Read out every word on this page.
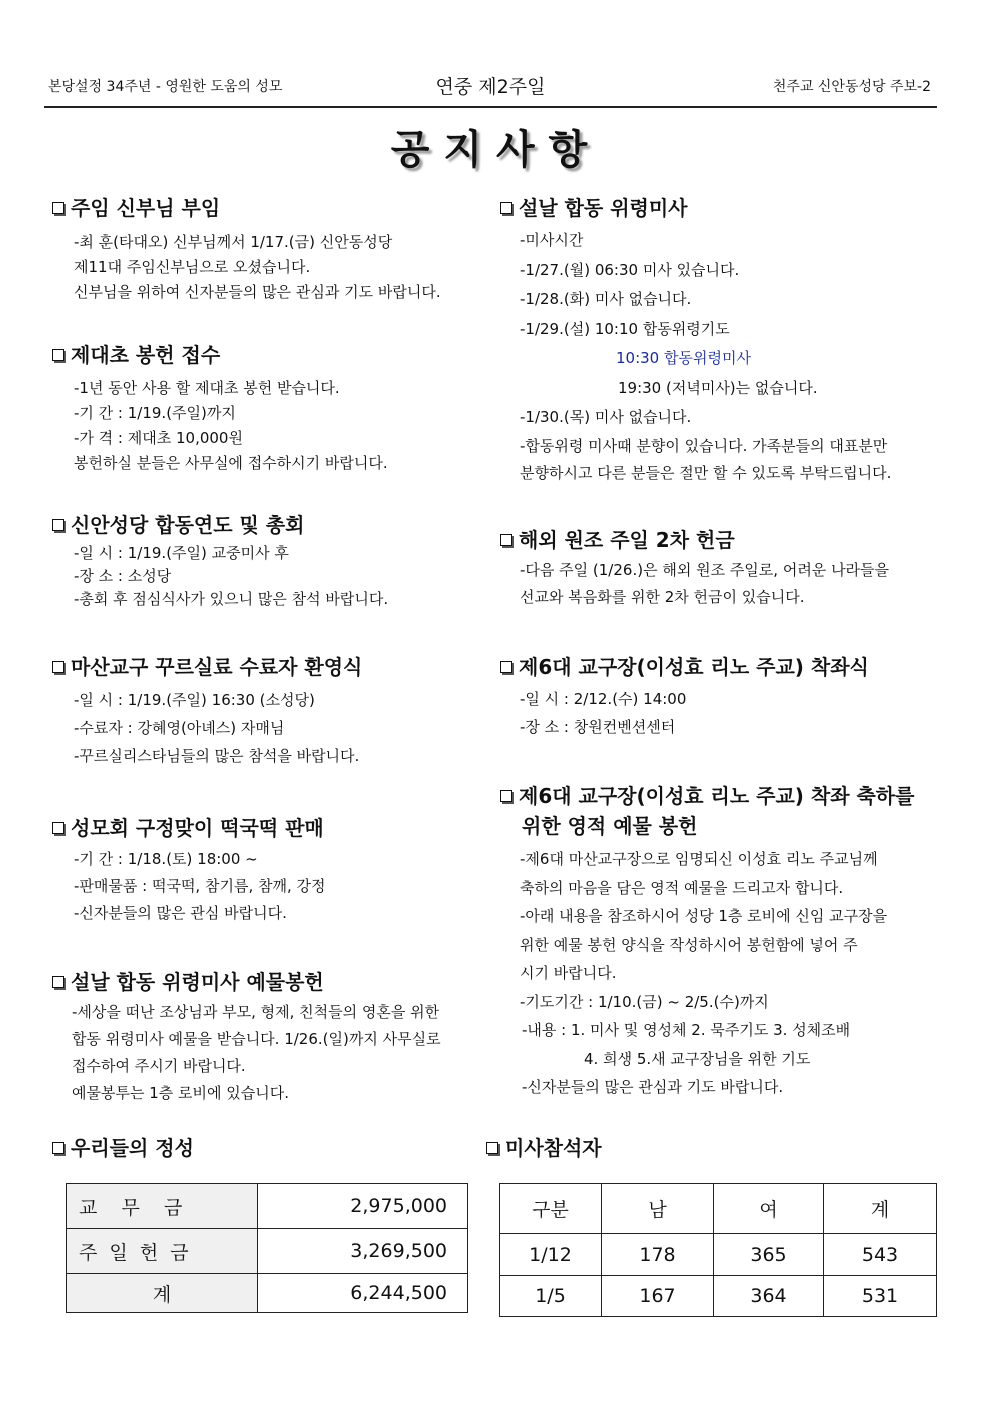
본당설정 34주년 - 영원한 도움의 성모	연중 제2주일	천주교 신안동성당 주보-2
공지사항
주임 신부님 부임
-최 훈(타대오) 신부님께서 1/17.(금) 신안동성당
제11대 주임신부님으로 오셨습니다.
신부님을 위하여 신자분들의 많은 관심과 기도 바랍니다.
제대초 봉헌 접수
-1년 동안 사용 할 제대초 봉헌 받습니다.
-기 간 : 1/19.(주일)까지
-가 격 : 제대초 10,000원
봉헌하실 분들은 사무실에 접수하시기 바랍니다.
신안성당 합동연도 및 총회
-일 시 : 1/19.(주일) 교중미사 후
-장 소 : 소성당
-총회 후 점심식사가 있으니 많은 참석 바랍니다.
마산교구 꾸르실료 수료자 환영식
-일 시 : 1/19.(주일) 16:30 (소성당)
-수료자 : 강혜영(아녜스) 자매님
-꾸르실리스타님들의 많은 참석을 바랍니다.
성모회 구정맞이 떡국떡 판매
-기 간 : 1/18.(토) 18:00 ~
-판매물품 : 떡국떡, 참기름, 참깨, 강정
-신자분들의 많은 관심 바랍니다.
설날 합동 위령미사 예물봉헌
-세상을 떠난 조상님과 부모, 형제, 친척들의 영혼을 위한
합동 위령미사 예물을 받습니다. 1/26.(일)까지 사무실로
접수하여 주시기 바랍니다.
예물봉투는 1층 로비에 있습니다.
설날 합동 위령미사
-미사시간
-1/27.(월) 06:30 미사 있습니다.
-1/28.(화) 미사 없습니다.
-1/29.(설) 10:10 합동위령기도
10:30 합동위령미사
19:30 (저녁미사)는 없습니다.
-1/30.(목) 미사 없습니다.
-합동위령 미사때 분향이 있습니다. 가족분들의 대표분만
분향하시고 다른 분들은 절만 할 수 있도록 부탁드립니다.
해외 원조 주일 2차 헌금
-다음 주일 (1/26.)은 해외 원조 주일로, 어려운 나라들을
선교와 복음화를 위한 2차 헌금이 있습니다.
제6대 교구장(이성효 리노 주교) 착좌식
-일 시 : 2/12.(수) 14:00
-장 소 : 창원컨벤션센터
제6대 교구장(이성효 리노 주교) 착좌 축하를
위한 영적 예물 봉헌
-제6대 마산교구장으로 임명되신 이성효 리노 주교님께
축하의 마음을 담은 영적 예물을 드리고자 합니다.
-아래 내용을 참조하시어 성당 1층 로비에 신임 교구장을
위한 예물 봉헌 양식을 작성하시어 봉헌함에 넣어 주
시기 바랍니다.
-기도기간 : 1/10.(금) ~ 2/5.(수)까지
-내용 : 1. 미사 및 영성체 2. 묵주기도 3. 성체조배
4. 희생 5.새 교구장님을 위한 기도
-신자분들의 많은 관심과 기도 바랍니다.
우리들의 정성
교    무    금	2,975,000
주  일  헌  금	3,269,500
계	6,244,500
미사참석자
구분	남	여	계
1/12	178	365	543
1/5	167	364	531
